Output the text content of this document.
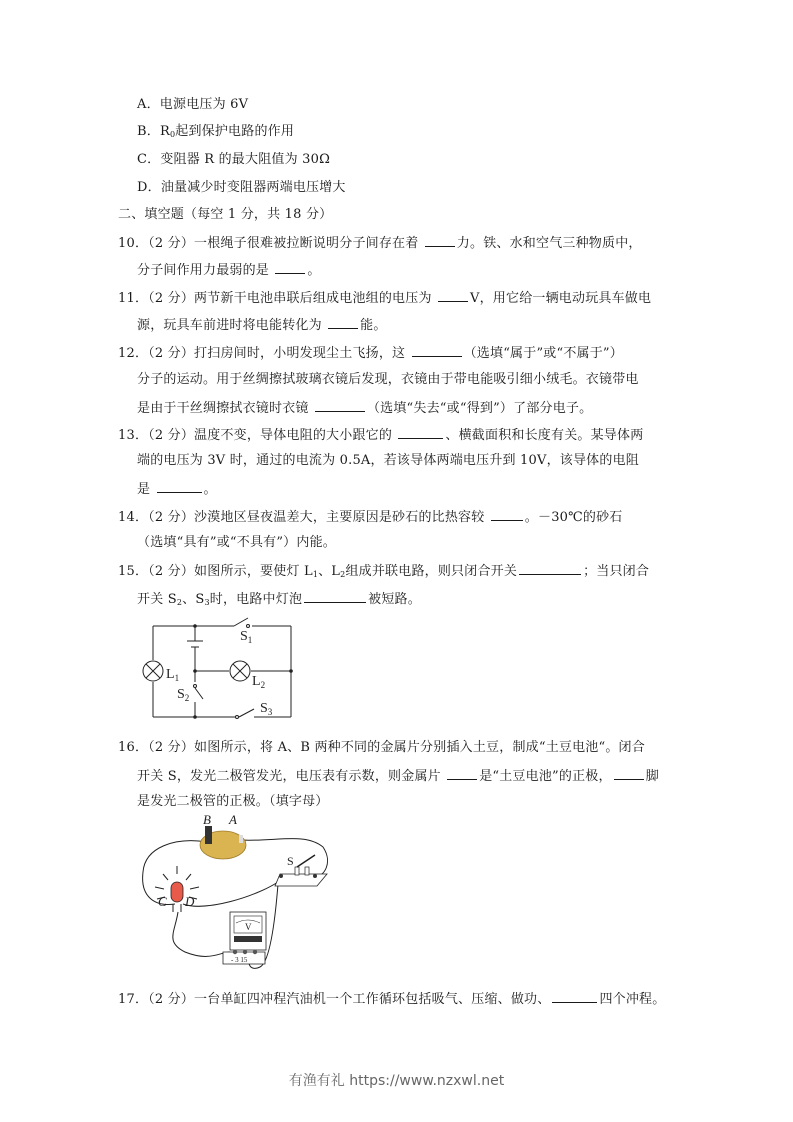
A．电源电压为 6V
B．$R_0$起到保护电路的作用
C．变阻器 R 的最大阻值为 30Ω
D．油量减少时变阻器两端电压增大
二、填空题（每空 1 分，共 18 分）
10．（2 分）一根绳子很难被拉断说明分子间存在着	力。铁、水和空气三种物质中，
分子间作用力最弱的是	。
11．（2 分）两节新干电池串联后组成电池组的电压为	V，用它给一辆电动玩具车做电
源，玩具车前进时将电能转化为	能。
12．（2 分）打扫房间时，小明发现尘土飞扬，这	（选填“属于”或“不属于”）
分子的运动。用于丝绸擦拭玻璃衣镜后发现，衣镜由于带电能吸引细小绒毛。衣镜带电
是由于干丝绸擦拭衣镜时衣镜	（选填“失去“或“得到”）了部分电子。
13．（2 分）温度不变，导体电阻的大小跟它的	、横截面积和长度有关。某导体两
端的电压为 3V 时，通过的电流为 0.5A，若该导体两端电压升到 10V，该导体的电阻
是	。
14．（2 分）沙漠地区昼夜温差大，主要原因是砂石的比热容较	。－30℃的砂石
（选填“具有”或“不具有”）内能。
15．（2 分）如图所示，要使灯 $L_1$、$L_2$组成并联电路，则只闭合开关	；当只闭合
开关 $S_2$、$S_3$时，电路中灯泡	被短路。
$L_1$	$L_2$
$S_1$
$S_2$
$S_3$
16．（2 分）如图所示，将 A、B 两种不同的金属片分别插入土豆，制成“土豆电池“。闭合
开关 S，发光二极管发光，电压表有示数，则金属片	是“土豆电池”的正极，	脚
是发光二极管的正极。（填字母）
B A
C D
S
V
- 3 15
17．（2 分）一台单缸四冲程汽油机一个工作循环包括吸气、压缩、做功、	四个冲程。
有渔有礼 https://www.nzxwl.net
